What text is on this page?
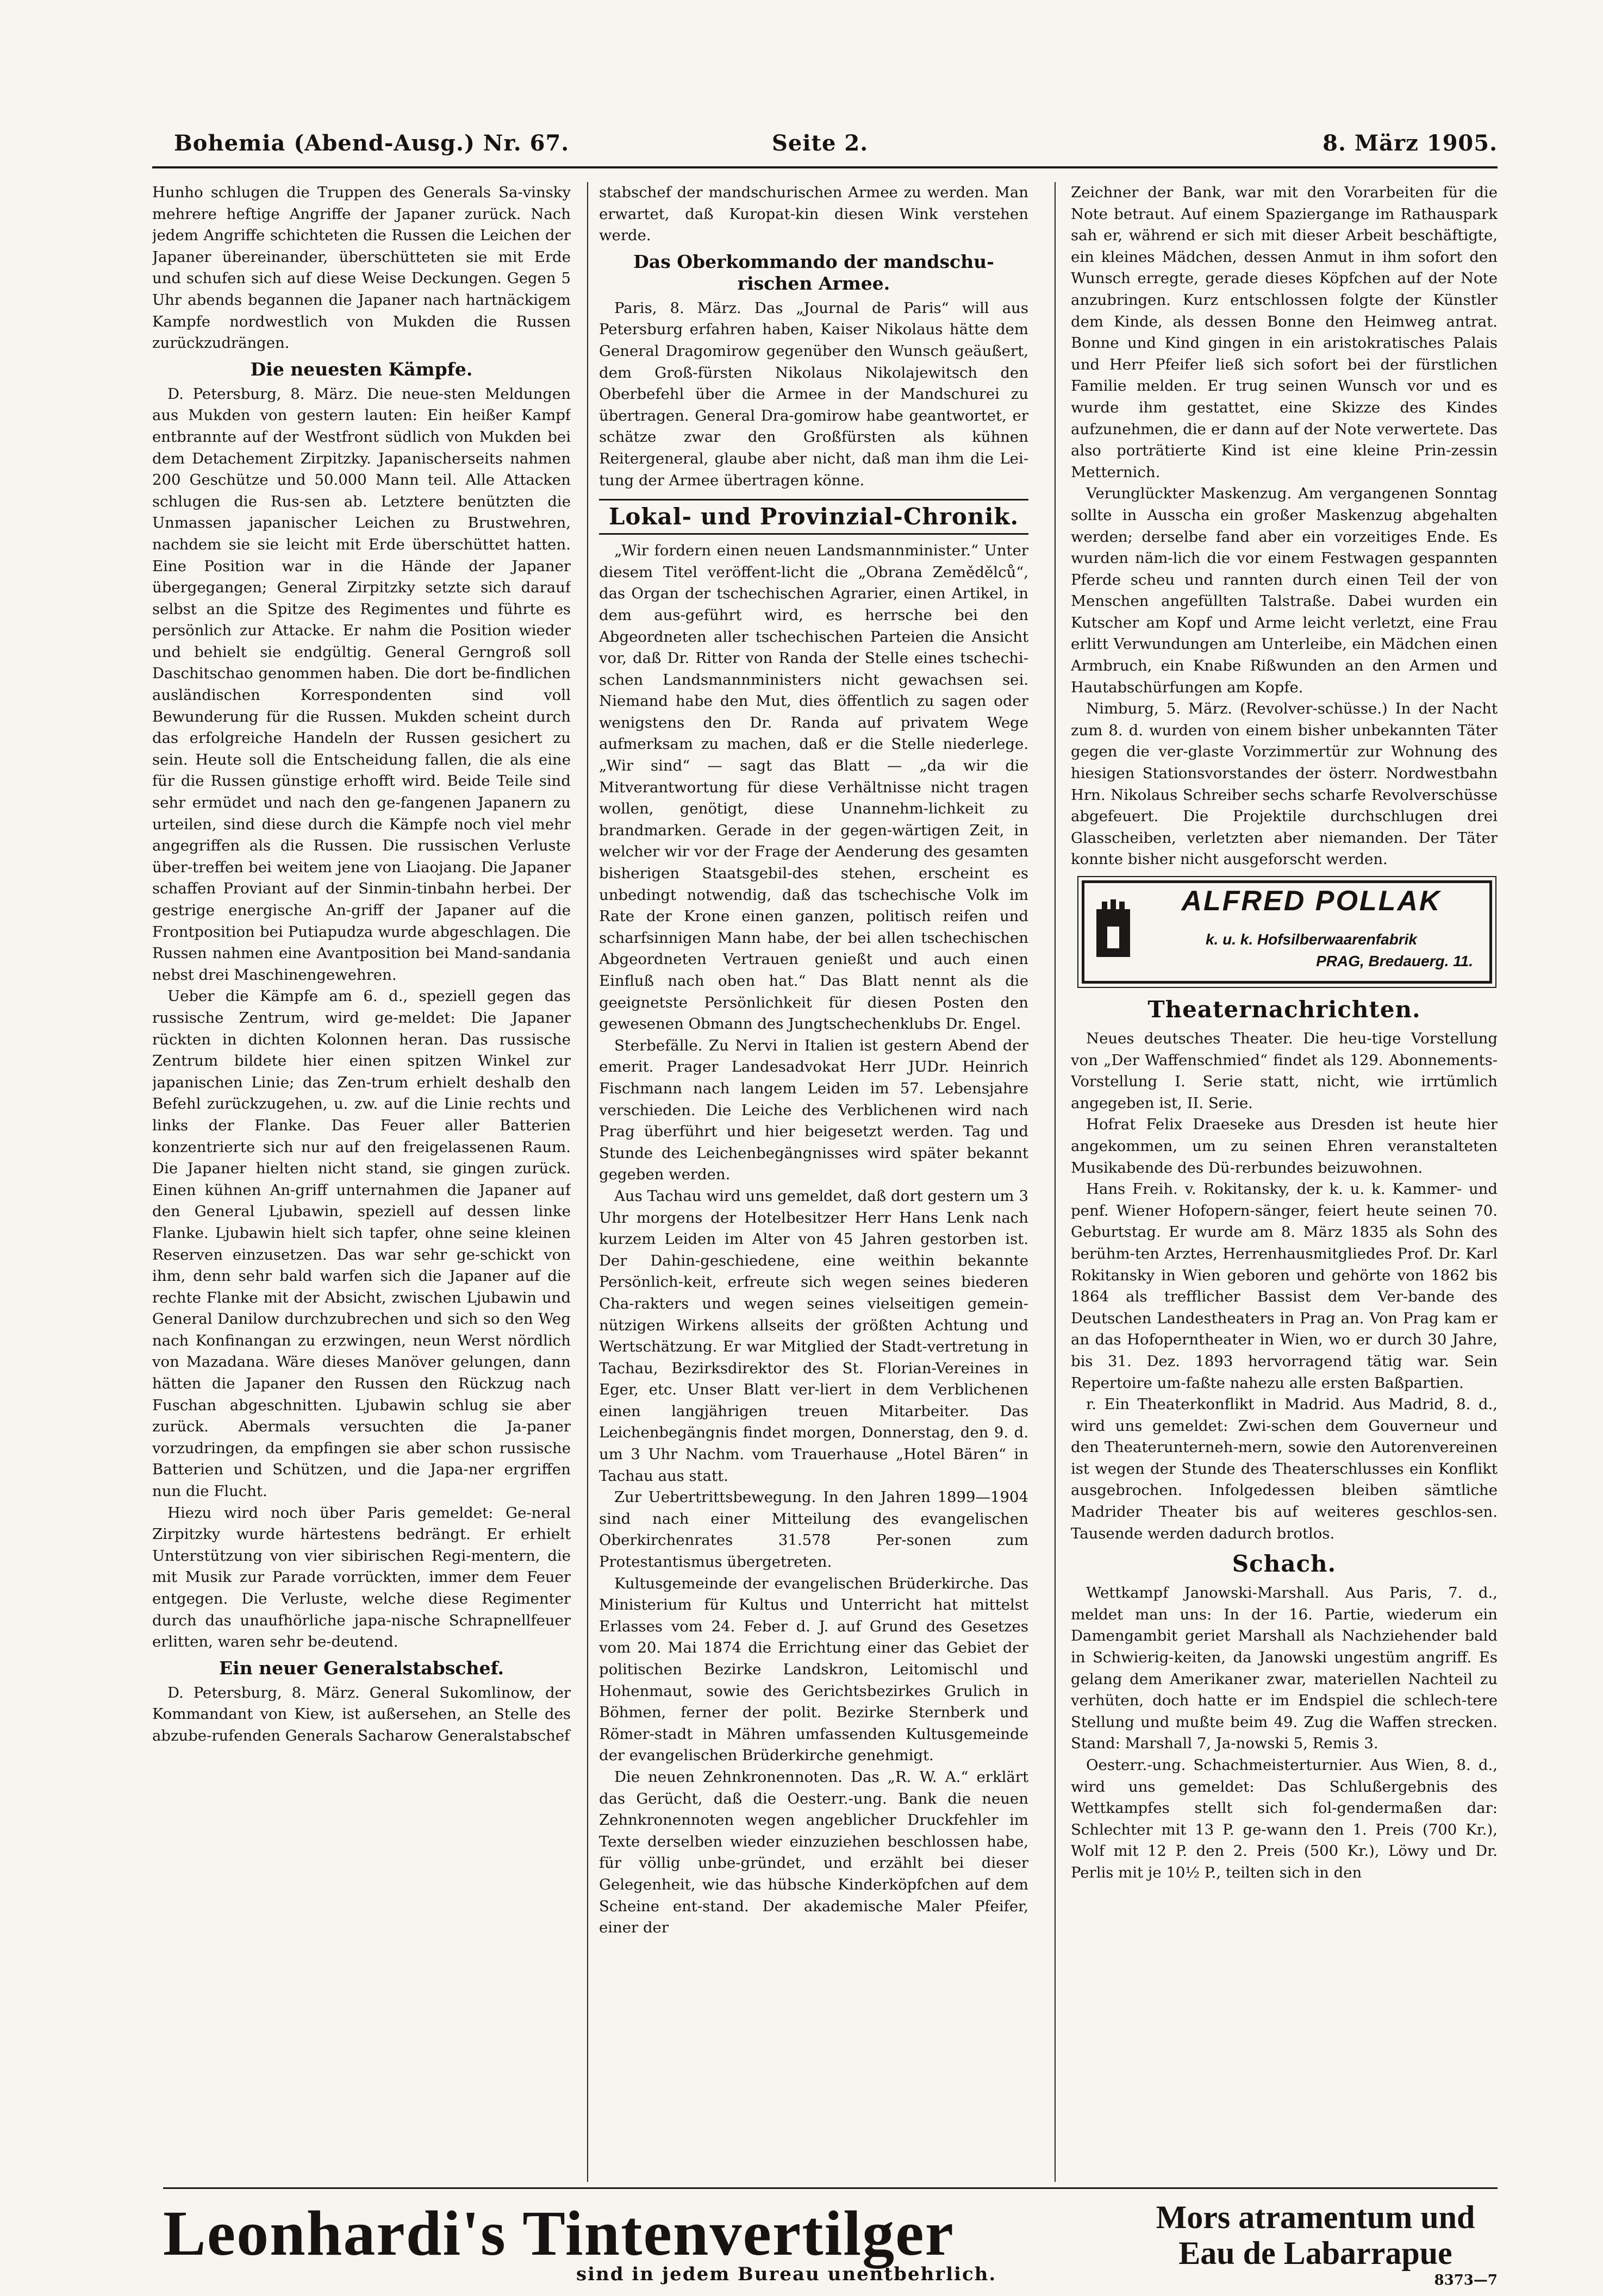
Bohemia (Abend-Ausg.) Nr. 67.	Seite 2.	8. März 1905.

Hunho schlugen die Truppen des Generals Sa-vinsky mehrere heftige Angriffe der Japaner zurück. Nach jedem Angriffe schichteten die Russen die Leichen der Japaner übereinander, überschütteten sie mit Erde und schufen sich auf diese Weise Deckungen. Gegen 5 Uhr abends begannen die Japaner nach hartnäckigem Kampfe nordwestlich von Mukden die Russen zurückzudrängen.

Die neuesten Kämpfe.

D. Petersburg, 8. März. Die neue-sten Meldungen aus Mukden von gestern lauten: Ein heißer Kampf entbrannte auf der Westfront südlich von Mukden bei dem Detachement Zirpitzky. Japanischerseits nahmen 200 Geschütze und 50.000 Mann teil. Alle Attacken schlugen die Rus-sen ab. Letztere benützten die Unmassen japanischer Leichen zu Brustwehren, nachdem sie sie leicht mit Erde überschüttet hatten. Eine Position war in die Hände der Japaner übergegangen; General Zirpitzky setzte sich darauf selbst an die Spitze des Regimentes und führte es persönlich zur Attacke. Er nahm die Position wieder und behielt sie endgültig. General Gerngroß soll Daschitschao genommen haben. Die dort be-findlichen ausländischen Korrespondenten sind voll Bewunderung für die Russen. Mukden scheint durch das erfolgreiche Handeln der Russen gesichert zu sein. Heute soll die Entscheidung fallen, die als eine für die Russen günstige erhofft wird. Beide Teile sind sehr ermüdet und nach den ge-fangenen Japanern zu urteilen, sind diese durch die Kämpfe noch viel mehr angegriffen als die Russen. Die russischen Verluste über-treffen bei weitem jene von Liaojang. Die Japaner schaffen Proviant auf der Sinmin-tinbahn herbei. Der gestrige energische An-griff der Japaner auf die Frontposition bei Putiapudza wurde abgeschlagen. Die Russen nahmen eine Avantposition bei Mand-sandania nebst drei Maschinengewehren.

Ueber die Kämpfe am 6. d., speziell gegen das russische Zentrum, wird ge-meldet: Die Japaner rückten in dichten Kolonnen heran. Das russische Zentrum bildete hier einen spitzen Winkel zur japanischen Linie; das Zen-trum erhielt deshalb den Befehl zurückzugehen, u. zw. auf die Linie rechts und links der Flanke. Das Feuer aller Batterien konzentrierte sich nur auf den freigelassenen Raum. Die Japaner hielten nicht stand, sie gingen zurück. Einen kühnen An-griff unternahmen die Japaner auf den General Ljubawin, speziell auf dessen linke Flanke. Ljubawin hielt sich tapfer, ohne seine kleinen Reserven einzusetzen. Das war sehr ge-schickt von ihm, denn sehr bald warfen sich die Japaner auf die rechte Flanke mit der Absicht, zwischen Ljubawin und General Danilow durchzubrechen und sich so den Weg nach Konfinangan zu erzwingen, neun Werst nördlich von Mazadana. Wäre dieses Manöver gelungen, dann hätten die Japaner den Russen den Rückzug nach Fuschan abgeschnitten. Ljubawin schlug sie aber zurück. Abermals versuchten die Ja-paner vorzudringen, da empfingen sie aber schon russische Batterien und Schützen, und die Japa-ner ergriffen nun die Flucht.

Hiezu wird noch über Paris gemeldet: Ge-neral Zirpitzky wurde härtestens bedrängt. Er erhielt Unterstützung von vier sibirischen Regi-mentern, die mit Musik zur Parade vorrückten, immer dem Feuer entgegen. Die Verluste, welche diese Regimenter durch das unaufhörliche japa-nische Schrapnellfeuer erlitten, waren sehr be-deutend.

Ein neuer Generalstabschef.

D. Petersburg, 8. März. General Sukomlinow, der Kommandant von Kiew, ist außersehen, an Stelle des abzube-rufenden Generals Sacharow Generalstabschef

stabschef der mandschurischen Armee zu werden. Man erwartet, daß Kuropat-kin diesen Wink verstehen werde.

Das Oberkommando der mandschu-rischen Armee.

Paris, 8. März. Das „Journal de Paris“ will aus Petersburg erfahren haben, Kaiser Nikolaus hätte dem General Dragomirow gegenüber den Wunsch geäußert, dem Groß-fürsten Nikolaus Nikolajewitsch den Oberbefehl über die Armee in der Mandschurei zu übertragen. General Dra-gomirow habe geantwortet, er schätze zwar den Großfürsten als kühnen Reitergeneral, glaube aber nicht, daß man ihm die Lei-tung der Armee übertragen könne.

Lokal- und Provinzial-Chronik.

„Wir fordern einen neuen Landsmannminister.“ Unter diesem Titel veröffent-licht die „Obrana Zemědělců“, das Organ der tschechischen Agrarier, einen Artikel, in dem aus-geführt wird, es herrsche bei den Abgeordneten aller tschechischen Parteien die Ansicht vor, daß Dr. Ritter von Randa der Stelle eines tschechi-schen Landsmannministers nicht gewachsen sei. Niemand habe den Mut, dies öffentlich zu sagen oder wenigstens den Dr. Randa auf privatem Wege aufmerksam zu machen, daß er die Stelle niederlege. „Wir sind“ — sagt das Blatt — „da wir die Mitverantwortung für diese Verhältnisse nicht tragen wollen, genötigt, diese Unannehm-lichkeit zu brandmarken. Gerade in der gegen-wärtigen Zeit, in welcher wir vor der Frage der Aenderung des gesamten bisherigen Staatsgebil-des stehen, erscheint es unbedingt notwendig, daß das tschechische Volk im Rate der Krone einen ganzen, politisch reifen und scharfsinnigen Mann habe, der bei allen tschechischen Abgeordneten Vertrauen genießt und auch einen Einfluß nach oben hat.“ Das Blatt nennt als die geeignetste Persönlichkeit für diesen Posten den gewesenen Obmann des Jungtschechenklubs Dr. Engel.

Sterbefälle. Zu Nervi in Italien ist gestern Abend der emerit. Prager Landesadvokat Herr JUDr. Heinrich Fischmann nach langem Leiden im 57. Lebensjahre verschieden. Die Leiche des Verblichenen wird nach Prag überführt und hier beigesetzt werden. Tag und Stunde des Leichenbegängnisses wird später bekannt gegeben werden.

Aus Tachau wird uns gemeldet, daß dort gestern um 3 Uhr morgens der Hotelbesitzer Herr Hans Lenk nach kurzem Leiden im Alter von 45 Jahren gestorben ist. Der Dahin-geschiedene, eine weithin bekannte Persönlich-keit, erfreute sich wegen seines biederen Cha-rakters und wegen seines vielseitigen gemein-nützigen Wirkens allseits der größten Achtung und Wertschätzung. Er war Mitglied der Stadt-vertretung in Tachau, Bezirksdirektor des St. Florian-Vereines in Eger, etc. Unser Blatt ver-liert in dem Verblichenen einen langjährigen treuen Mitarbeiter. Das Leichenbegängnis findet morgen, Donnerstag, den 9. d. um 3 Uhr Nachm. vom Trauerhause „Hotel Bären“ in Tachau aus statt.

Zur Uebertrittsbewegung. In den Jahren 1899—1904 sind nach einer Mitteilung des evangelischen Oberkirchenrates 31.578 Per-sonen zum Protestantismus übergetreten.

Kultusgemeinde der evangelischen Brüderkirche. Das Ministerium für Kultus und Unterricht hat mittelst Erlasses vom 24. Feber d. J. auf Grund des Gesetzes vom 20. Mai 1874 die Errichtung einer das Gebiet der politischen Bezirke Landskron, Leitomischl und Hohenmaut, sowie des Gerichtsbezirkes Grulich in Böhmen, ferner der polit. Bezirke Sternberk und Römer-stadt in Mähren umfassenden Kultusgemeinde der evangelischen Brüderkirche genehmigt.

Die neuen Zehnkronennoten. Das „R. W. A.“ erklärt das Gerücht, daß die Oesterr.-ung. Bank die neuen Zehnkronennoten wegen angeblicher Druckfehler im Texte derselben wieder einzuziehen beschlossen habe, für völlig unbe-gründet, und erzählt bei dieser Gelegenheit, wie das hübsche Kinderköpfchen auf dem Scheine ent-stand. Der akademische Maler Pfeifer, einer der

Zeichner der Bank, war mit den Vorarbeiten für die Note betraut. Auf einem Spaziergange im Rathauspark sah er, während er sich mit dieser Arbeit beschäftigte, ein kleines Mädchen, dessen Anmut in ihm sofort den Wunsch erregte, gerade dieses Köpfchen auf der Note anzubringen. Kurz entschlossen folgte der Künstler dem Kinde, als dessen Bonne den Heimweg antrat. Bonne und Kind gingen in ein aristokratisches Palais und Herr Pfeifer ließ sich sofort bei der fürstlichen Familie melden. Er trug seinen Wunsch vor und es wurde ihm gestattet, eine Skizze des Kindes aufzunehmen, die er dann auf der Note verwertete. Das also porträtierte Kind ist eine kleine Prin-zessin Metternich.

Verunglückter Maskenzug. Am vergangenen Sonntag sollte in Ausscha ein großer Maskenzug abgehalten werden; derselbe fand aber ein vorzeitiges Ende. Es wurden näm-lich die vor einem Festwagen gespannten Pferde scheu und rannten durch einen Teil der von Menschen angefüllten Talstraße. Dabei wurden ein Kutscher am Kopf und Arme leicht verletzt, eine Frau erlitt Verwundungen am Unterleibe, ein Mädchen einen Armbruch, ein Knabe Rißwunden an den Armen und Hautabschürfungen am Kopfe.

Nimburg, 5. März. (Revolver-schüsse.) In der Nacht zum 8. d. wurden von einem bisher unbekannten Täter gegen die ver-glaste Vorzimmertür zur Wohnung des hiesigen Stationsvorstandes der österr. Nordwestbahn Hrn. Nikolaus Schreiber sechs scharfe Revolverschüsse abgefeuert. Die Projektile durchschlugen drei Glasscheiben, verletzten aber niemanden. Der Täter konnte bisher nicht ausgeforscht werden.

ALFRED POLLAK
k. u. k. Hofsilberwaarenfabrik
PRAG, Bredauerg. 11.
Theaternachrichten.

Neues deutsches Theater. Die heu-tige Vorstellung von „Der Waffenschmied“ findet als 129. Abonnements-Vorstellung I. Serie statt, nicht, wie irrtümlich angegeben ist, II. Serie.

Hofrat Felix Draeseke aus Dresden ist heute hier angekommen, um zu seinen Ehren veranstalteten Musikabende des Dü-rerbundes beizuwohnen.

Hans Freih. v. Rokitansky, der k. u. k. Kammer- und penf. Wiener Hofopern-sänger, feiert heute seinen 70. Geburtstag. Er wurde am 8. März 1835 als Sohn des berühm-ten Arztes, Herrenhausmitgliedes Prof. Dr. Karl Rokitansky in Wien geboren und gehörte von 1862 bis 1864 als trefflicher Bassist dem Ver-bande des Deutschen Landestheaters in Prag an. Von Prag kam er an das Hofoperntheater in Wien, wo er durch 30 Jahre, bis 31. Dez. 1893 hervorragend tätig war. Sein Repertoire um-faßte nahezu alle ersten Baßpartien.

r. Ein Theaterkonflikt in Madrid. Aus Madrid, 8. d., wird uns gemeldet: Zwi-schen dem Gouverneur und den Theaterunterneh-mern, sowie den Autorenvereinen ist wegen der Stunde des Theaterschlusses ein Konflikt ausgebrochen. Infolgedessen bleiben sämtliche Madrider Theater bis auf weiteres geschlos-sen. Tausende werden dadurch brotlos.

Schach.

Wettkampf Janowski-Marshall. Aus Paris, 7. d., meldet man uns: In der 16. Partie, wiederum ein Damengambit geriet Marshall als Nachziehender bald in Schwierig-keiten, da Janowski ungestüm angriff. Es gelang dem Amerikaner zwar, materiellen Nachteil zu verhüten, doch hatte er im Endspiel die schlech-tere Stellung und mußte beim 49. Zug die Waffen strecken. Stand: Marshall 7, Ja-nowski 5, Remis 3.

Oesterr.-ung. Schachmeisterturnier. Aus Wien, 8. d., wird uns gemeldet: Das Schlußergebnis des Wettkampfes stellt sich fol-gendermaßen dar: Schlechter mit 13 P. ge-wann den 1. Preis (700 Kr.), Wolf mit 12 P. den 2. Preis (500 Kr.), Löwy und Dr. Perlis mit je 10½ P., teilten sich in den

Leonhardi's Tintenvertilger
sind in jedem Bureau unentbehrlich.
Mors atramentum und
Eau de Labarrapue
8373—7
